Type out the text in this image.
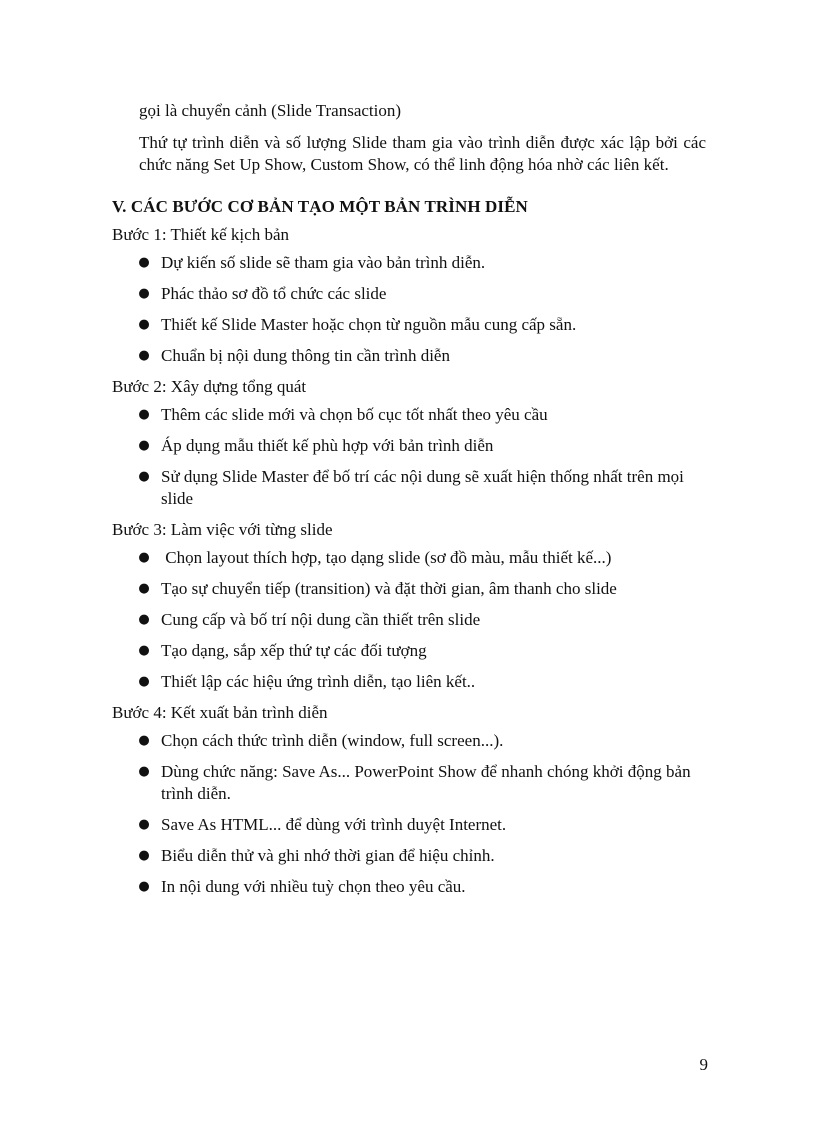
gọi là chuyển cảnh (Slide Transaction)

Thứ tự trình diễn và số lượng Slide tham gia vào trình diễn được xác lập bởi các chức năng Set Up Show, Custom Show, có thể linh động hóa nhờ các liên kết.

V. CÁC BƯỚC CƠ BẢN TẠO MỘT BẢN TRÌNH DIỄN

Bước 1: Thiết kế kịch bản

● Dự kiến số slide sẽ tham gia vào bản trình diễn.
● Phác thảo sơ đồ tổ chức các slide
● Thiết kế Slide Master hoặc chọn từ nguồn mẫu cung cấp sẵn.
● Chuẩn bị nội dung thông tin cần trình diễn

Bước 2: Xây dựng tổng quát

● Thêm các slide mới và chọn bố cục tốt nhất theo yêu cầu
● Áp dụng mẫu thiết kế phù hợp với bản trình diễn
● Sử dụng Slide Master để bố trí các nội dung sẽ xuất hiện thống nhất trên mọi slide

Bước 3: Làm việc với từng slide

● Chọn layout thích hợp, tạo dạng slide (sơ đồ màu, mẫu thiết kế...)
● Tạo sự chuyển tiếp (transition) và đặt thời gian, âm thanh cho slide
● Cung cấp và bố trí nội dung cần thiết trên slide
● Tạo dạng, sắp xếp thứ tự các đối tượng
● Thiết lập các hiệu ứng trình diễn, tạo liên kết..

Bước 4: Kết xuất bản trình diễn

● Chọn cách thức trình diễn (window, full screen...).
● Dùng chức năng: Save As... PowerPoint Show để nhanh chóng khởi động bản trình diễn.
● Save As HTML... để dùng với trình duyệt Internet.
● Biểu diễn thử và ghi nhớ thời gian để hiệu chỉnh.
● In nội dung với nhiều tuỳ chọn theo yêu cầu.
9
